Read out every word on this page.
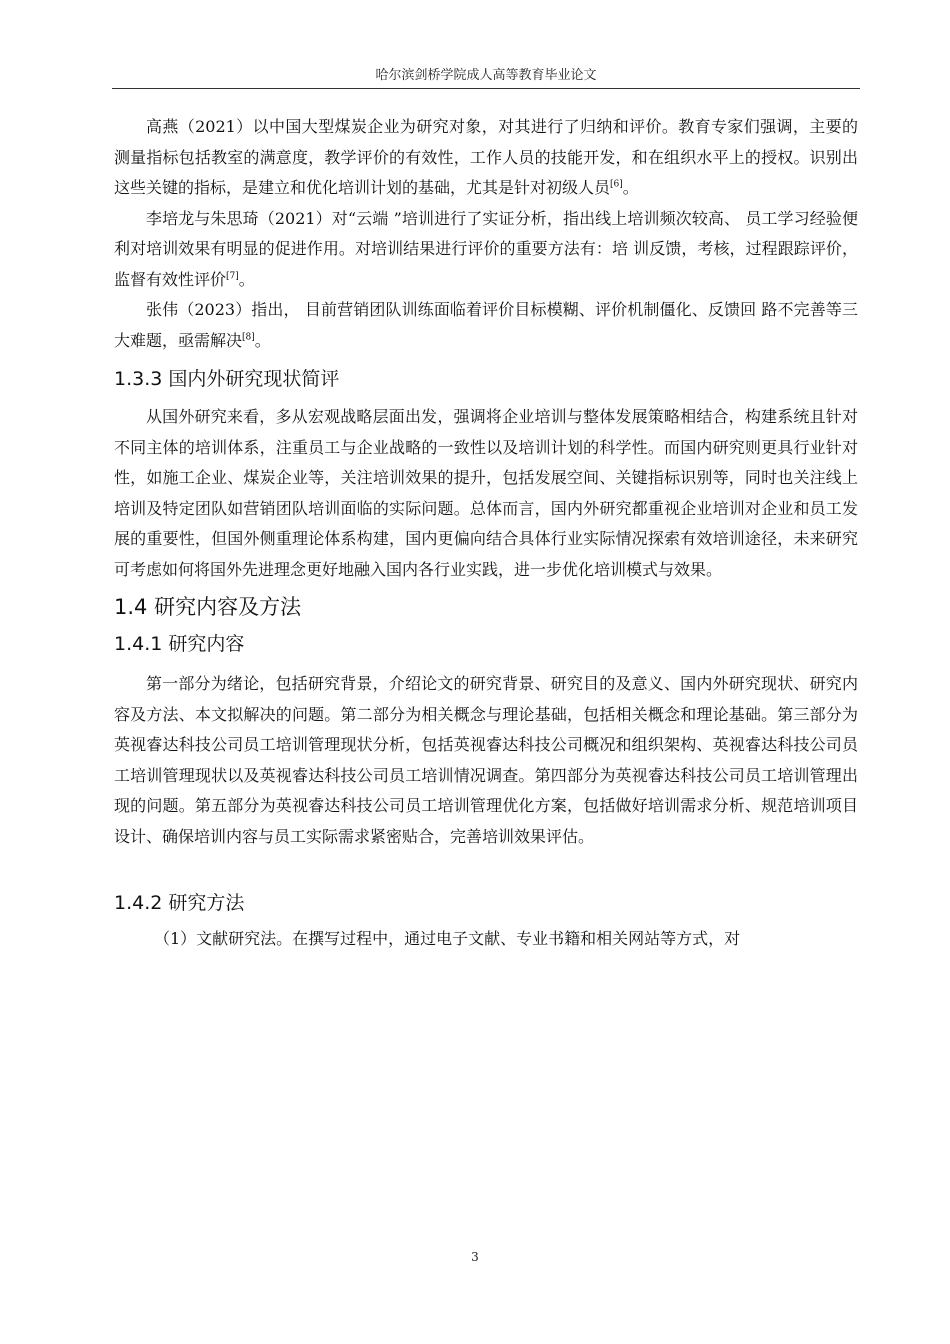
哈尔滨剑桥学院成人高等教育毕业论文

高燕（2021）以中国大型煤炭企业为研究对象，对其进行了归纳和评价。教育专家们强调，主要的测量指标包括教室的满意度，教学评价的有效性，工作人员的技能开发，和在组织水平上的授权。识别出这些关键的指标，是建立和优化培训计划的基础，尤其是针对初级人员[6]。

李培龙与朱思琦（2021）对“云端 ”培训进行了实证分析，指出线上培训频次较高、 员工学习经验便利对培训效果有明显的促进作用。对培训结果进行评价的重要方法有：培 训反馈，考核，过程跟踪评价，监督有效性评价[7]。

张伟（2023）指出， 目前营销团队训练面临着评价目标模糊、评价机制僵化、反馈回 路不完善等三大难题，亟需解决[8]。

1.3.3 国内外研究现状简评

从国外研究来看，多从宏观战略层面出发，强调将企业培训与整体发展策略相结合，构建系统且针对不同主体的培训体系，注重员工与企业战略的一致性以及培训计划的科学性。而国内研究则更具行业针对性，如施工企业、煤炭企业等，关注培训效果的提升，包括发展空间、关键指标识别等，同时也关注线上培训及特定团队如营销团队培训面临的实际问题。总体而言，国内外研究都重视企业培训对企业和员工发展的重要性，但国外侧重理论体系构建，国内更偏向结合具体行业实际情况探索有效培训途径，未来研究可考虑如何将国外先进理念更好地融入国内各行业实践，进一步优化培训模式与效果。

1.4 研究内容及方法
1.4.1 研究内容

第一部分为绪论，包括研究背景，介绍论文的研究背景、研究目的及意义、国内外研究现状、研究内容及方法、本文拟解决的问题。第二部分为相关概念与理论基础，包括相关概念和理论基础。第三部分为英视睿达科技公司员工培训管理现状分析，包括英视睿达科技公司概况和组织架构、英视睿达科技公司员工培训管理现状以及英视睿达科技公司员工培训情况调查。第四部分为英视睿达科技公司员工培训管理出现的问题。第五部分为英视睿达科技公司员工培训管理优化方案，包括做好培训需求分析、规范培训项目设计、确保培训内容与员工实际需求紧密贴合，完善培训效果评估。

1.4.2 研究方法

（1）文献研究法。在撰写过程中，通过电子文献、专业书籍和相关网站等方式，对

3
